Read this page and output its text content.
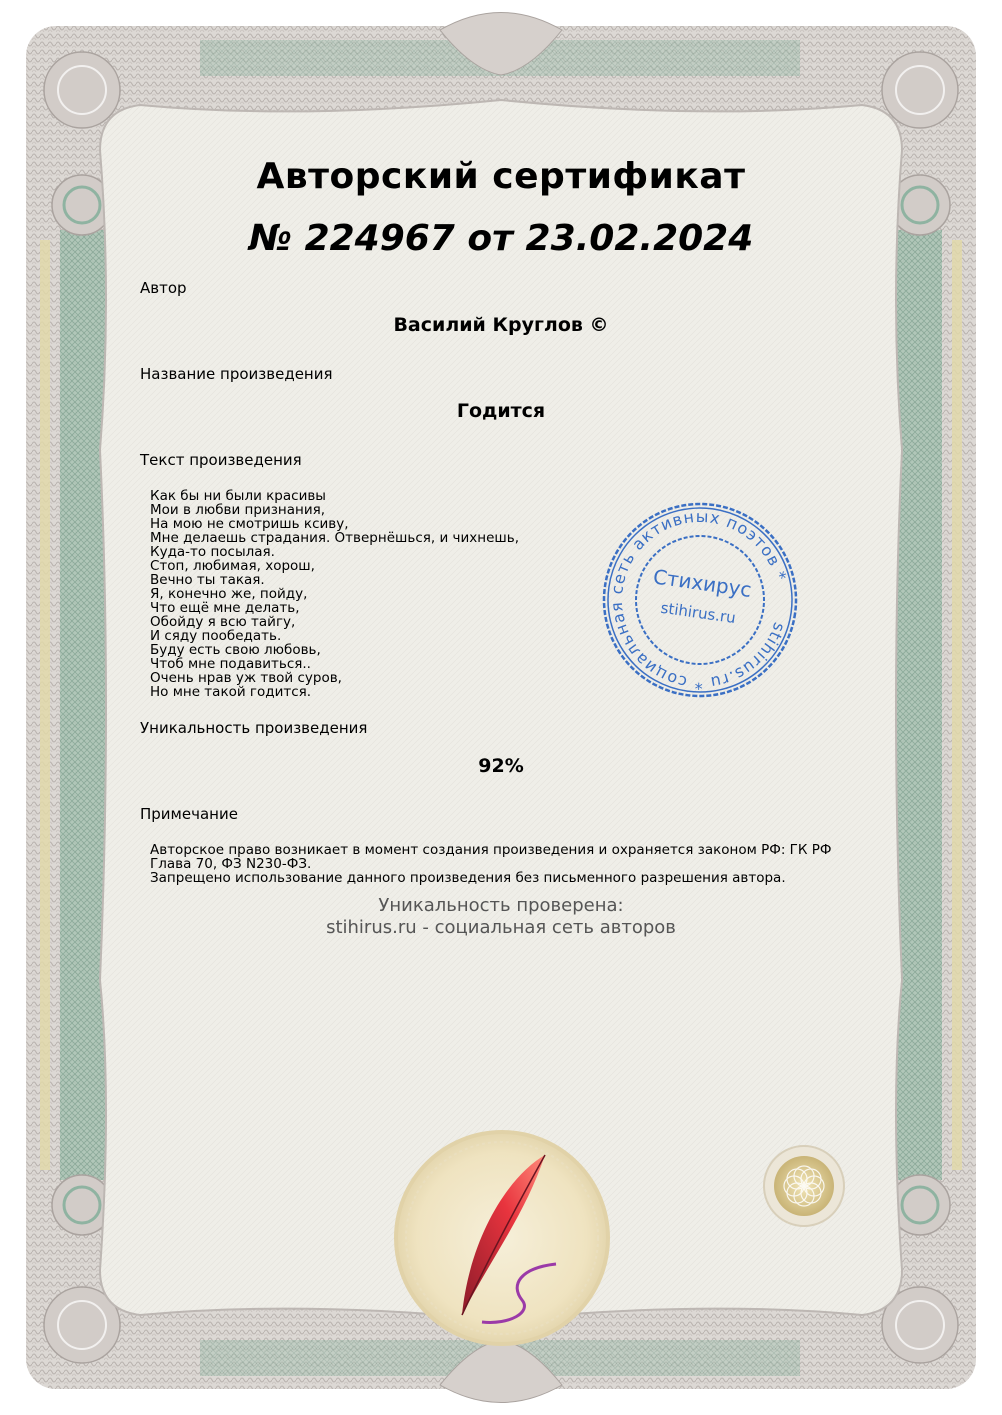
Авторский сертификат
№ 224967 от 23.02.2024
Автор
Василий Круглов ©
Название произведения
Годится
Текст произведения
Как бы ни были красивы
Мои в любви признания,
На мою не смотришь ксиву,
Мне делаешь страдания. Отвернёшься, и чихнешь,
Куда-то посылая.
Стоп, любимая, хорош,
Вечно ты такая.
Я, конечно же, пойду,
Что ещё мне делать,
Обойду я всю тайгу,
И сяду пообедать.
Буду есть свою любовь,
Чтоб мне подавиться..
Очень нрав уж твой суров,
Но мне такой годится.
stihirus.ru * социальная сеть активных поэтов *
Стихирус
stihirus.ru
Уникальность произведения
92%
Примечание
Авторское право возникает в момент создания произведения и охраняется законом РФ: ГК РФ Глава 70, ФЗ N230-ФЗ.
Запрещено использование данного произведения без письменного разрешения автора.
Уникальность проверена:
stihirus.ru - социальная сеть авторов
